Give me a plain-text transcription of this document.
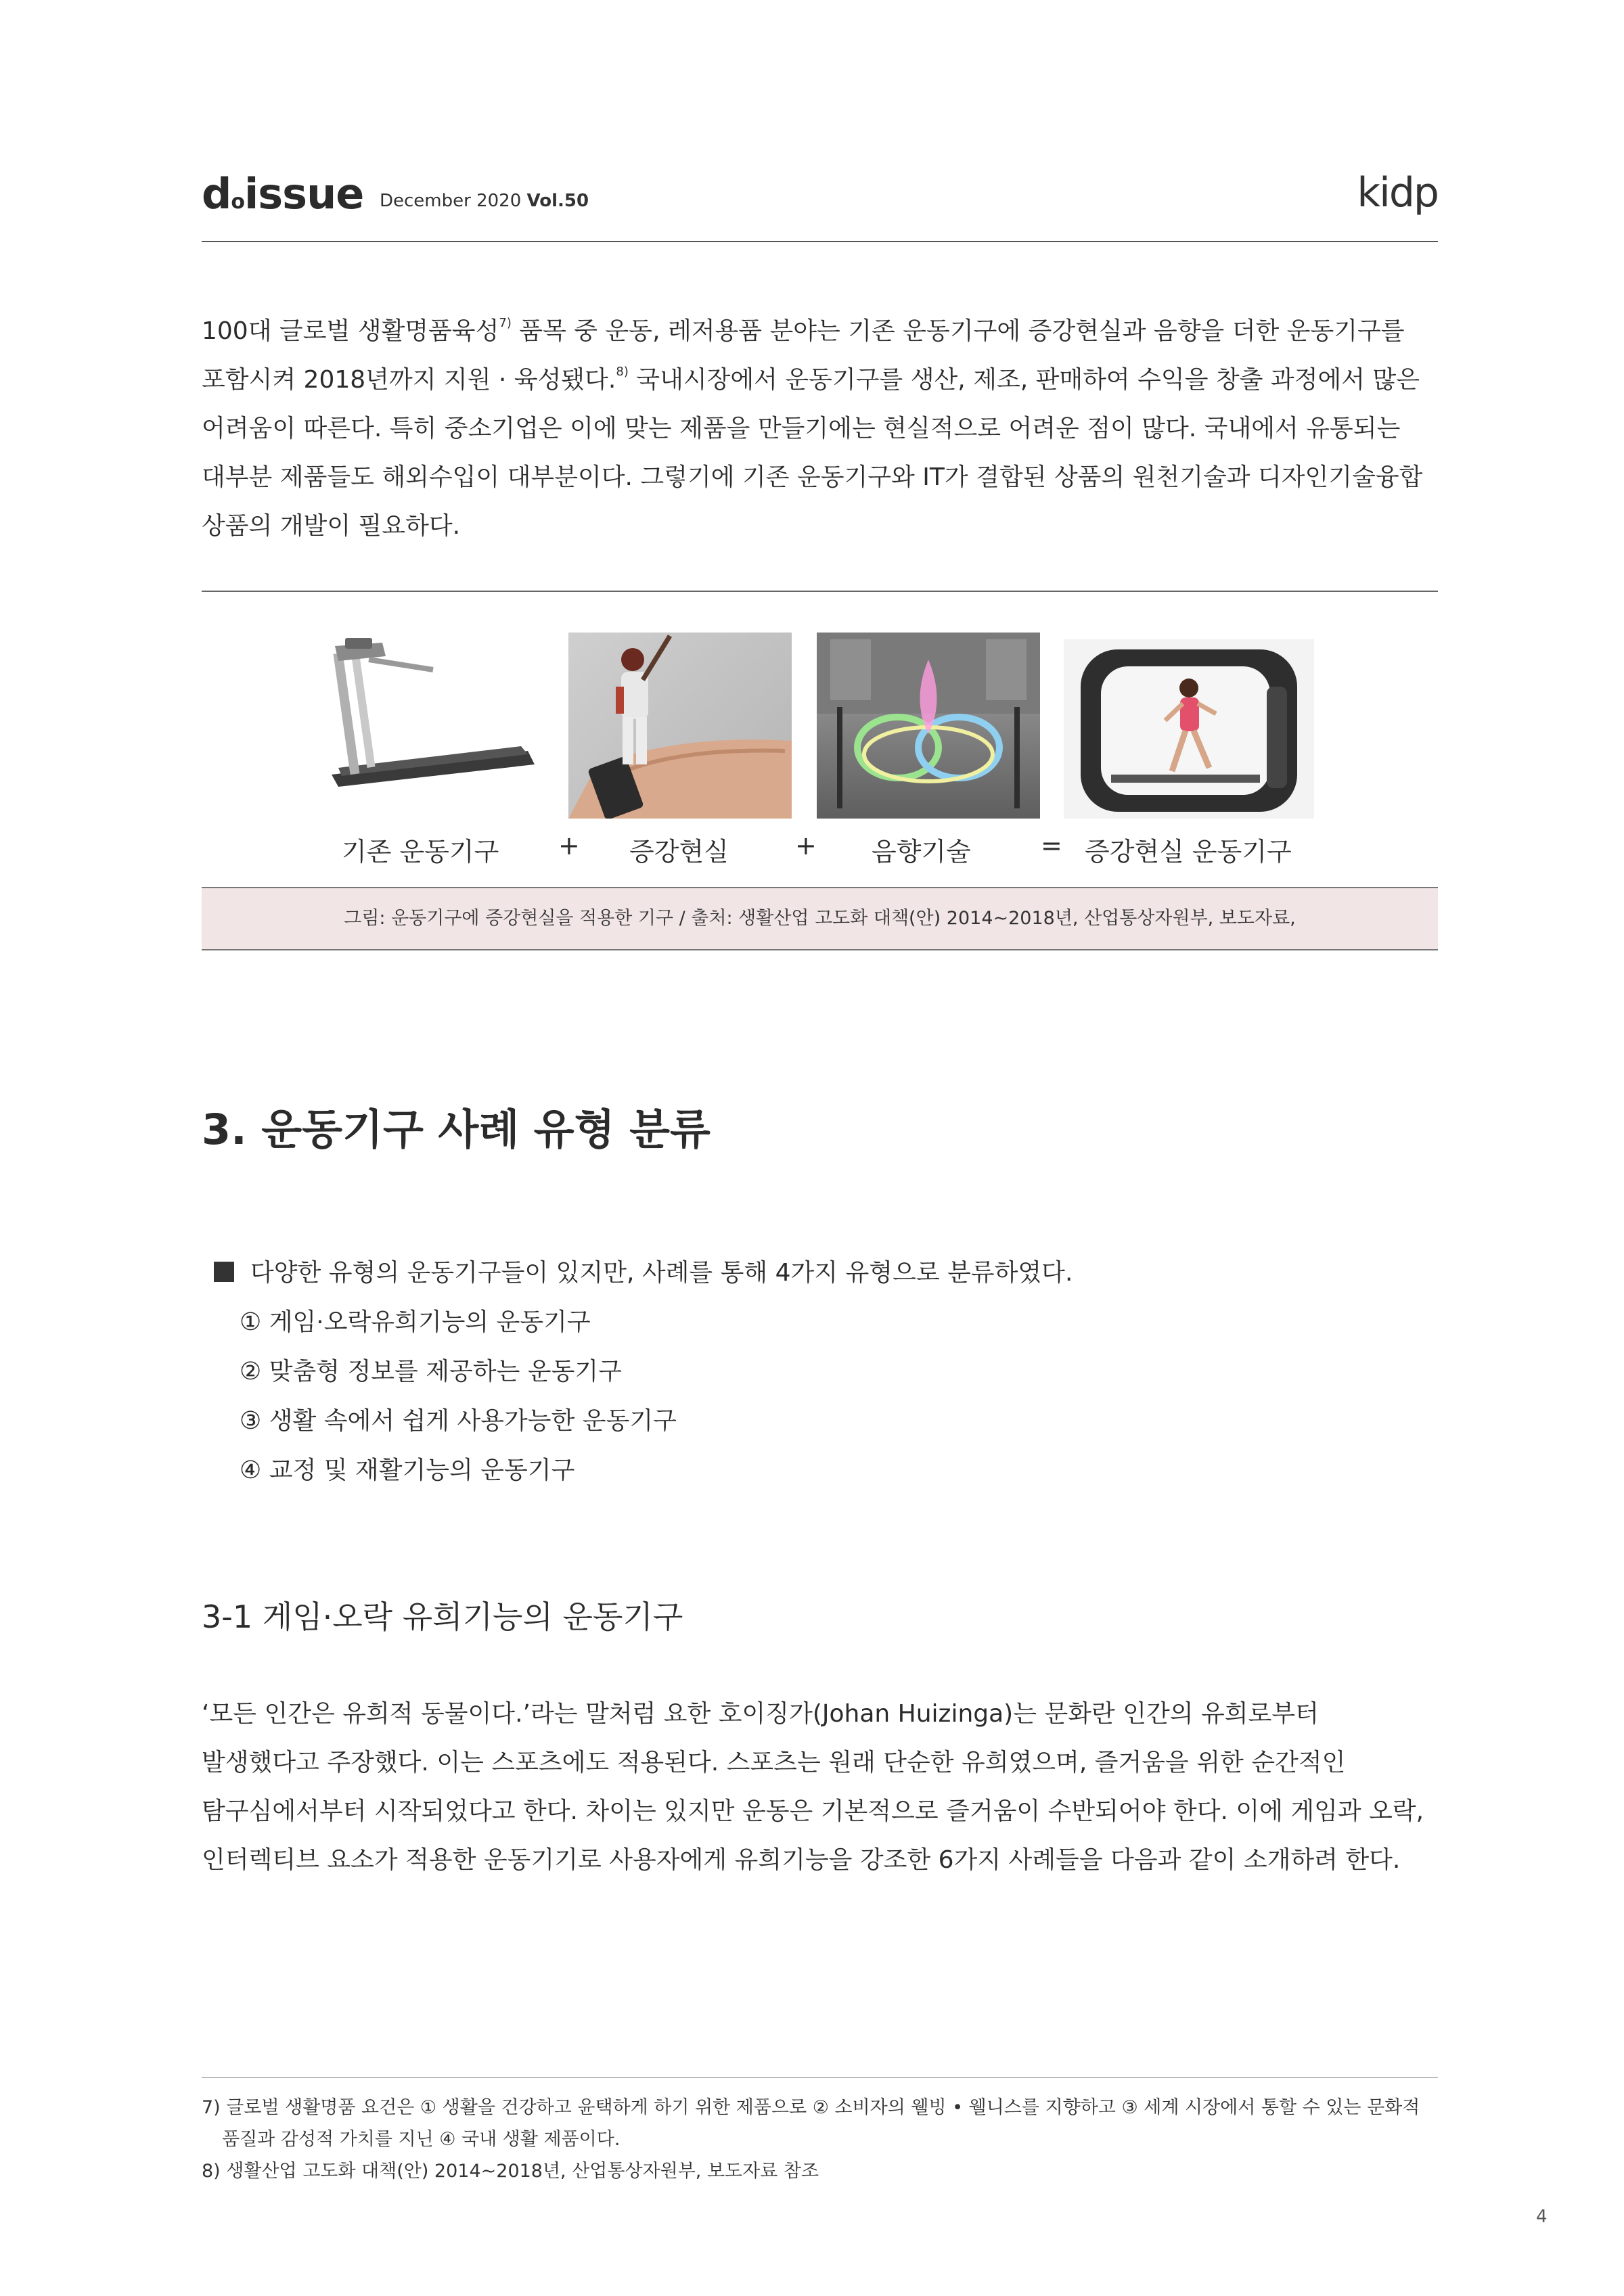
doissue December 2020 Vol.50	kidp
100대 글로벌 생활명품육성$^{7)}$ 품목 중 운동, 레저용품 분야는 기존 운동기구에 증강현실과 음향을 더한 운동기구를 포함시켜 2018년까지 지원 · 육성됐다.$^{8)}$ 국내시장에서 운동기구를 생산, 제조, 판매하여 수익을 창출 과정에서 많은 어려움이 따른다. 특히 중소기업은 이에 맞는 제품을 만들기에는 현실적으로 어려운 점이 많다. 국내에서 유통되는 대부분 제품들도 해외수입이 대부분이다. 그렇기에 기존 운동기구와 IT가 결합된 상품의 원천기술과 디자인기술융합 상품의 개발이 필요하다.
기존 운동기구 + 증강현실	+ 음향기술	= 증강현실 운동기구
그림: 운동기구에 증강현실을 적용한 기구 / 출처: 생활산업 고도화 대책(안) 2014~2018년, 산업통상자원부, 보도자료,
3. 운동기구 사례 유형 분류
다양한 유형의 운동기구들이 있지만, 사례를 통해 4가지 유형으로 분류하였다.
① 게임·오락유희기능의 운동기구
② 맞춤형 정보를 제공하는 운동기구
③ 생활 속에서 쉽게 사용가능한 운동기구
④ 교정 및 재활기능의 운동기구
3-1 게임·오락 유희기능의 운동기구
‘모든 인간은 유희적 동물이다.’라는 말처럼 요한 호이징가(Johan Huizinga)는 문화란 인간의 유희로부터 발생했다고 주장했다. 이는 스포츠에도 적용된다. 스포츠는 원래 단순한 유희였으며, 즐거움을 위한 순간적인 탐구심에서부터 시작되었다고 한다. 차이는 있지만 운동은 기본적으로 즐거움이 수반되어야 한다. 이에 게임과 오락, 인터렉티브 요소가 적용한 운동기기로 사용자에게 유희기능을 강조한 6가지 사례들을 다음과 같이 소개하려 한다.
7) 글로벌 생활명품 요건은 ① 생활을 건강하고 윤택하게 하기 위한 제품으로 ② 소비자의 웰빙 • 웰니스를 지향하고 ③ 세계 시장에서 통할 수 있는 문화적
품질과 감성적 가치를 지닌 ④ 국내 생활 제품이다.
8) 생활산업 고도화 대책(안) 2014~2018년, 산업통상자원부, 보도자료 참조
4
